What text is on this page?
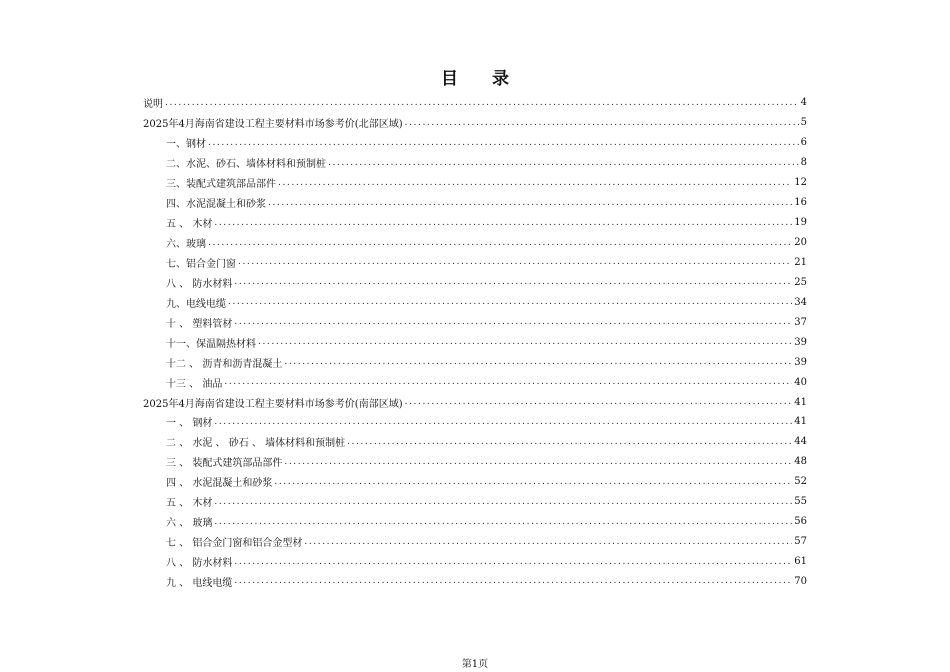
目 录
说明 .....	4
2025年4月海南省建设工程主要材料市场参考价(北部区域) .....	5
一、钢材 .....	6
二、水泥、砂石、墙体材料和预制桩 .....	8
三、装配式建筑部品部件 .....	12
四、水泥混凝土和砂浆 .....	16
五 、 木材 .....	19
六、玻璃 .....	20
七、铝合金门窗 .....	21
八 、 防水材料 .....	25
九、电线电缆 .....	34
十 、 塑料管材 .....	37
十一、保温隔热材料 .....	39
十二 、 沥青和沥青混凝土 .....	39
十三 、 油品 .....	40
2025年4月海南省建设工程主要材料市场参考价(南部区域) .....	41
一 、 钢材 .....	41
二 、 水泥 、 砂石 、 墙体材料和预制桩 .....	44
三 、 装配式建筑部品部件 .....	48
四 、 水泥混凝土和砂浆 .....	52
五 、 木材 .....	55
六 、 玻璃 .....	56
七 、 铝合金门窗和铝合金型材 .....	57
八 、 防水材料 .....	61
九 、 电线电缆 .....	70
第1页
